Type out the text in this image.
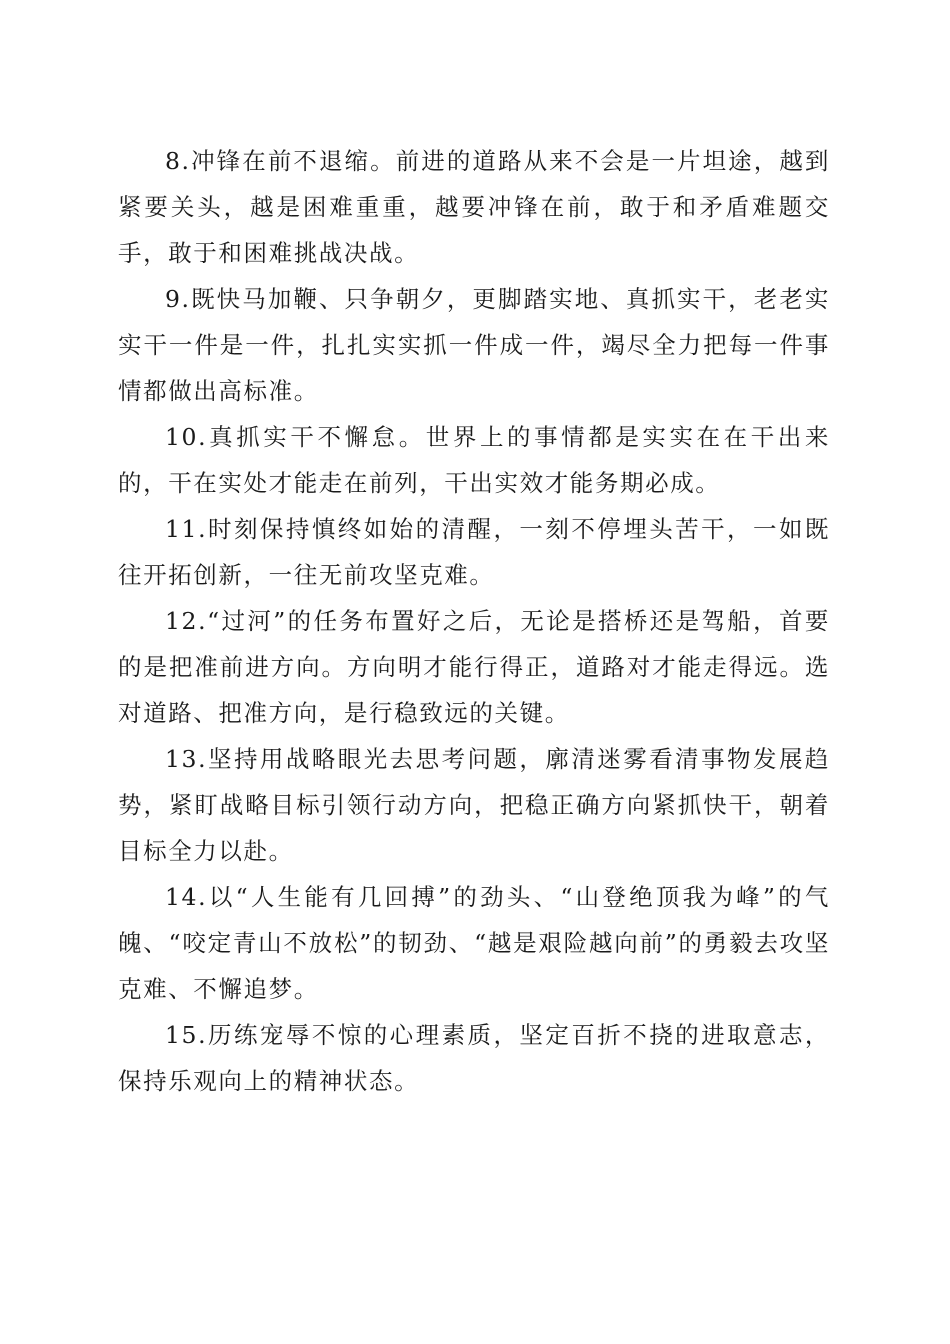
8.冲锋在前不退缩。前进的道路从来不会是一片坦途，越到紧要关头，越是困难重重，越要冲锋在前，敢于和矛盾难题交手，敢于和困难挑战决战。

9.既快马加鞭、只争朝夕，更脚踏实地、真抓实干，老老实实干一件是一件，扎扎实实抓一件成一件，竭尽全力把每一件事情都做出高标准。

10.真抓实干不懈怠。世界上的事情都是实实在在干出来的，干在实处才能走在前列，干出实效才能务期必成。

11.时刻保持慎终如始的清醒，一刻不停埋头苦干，一如既往开拓创新，一往无前攻坚克难。

12.“过河”的任务布置好之后，无论是搭桥还是驾船，首要的是把准前进方向。方向明才能行得正，道路对才能走得远。选对道路、把准方向，是行稳致远的关键。

13.坚持用战略眼光去思考问题，廓清迷雾看清事物发展趋势，紧盯战略目标引领行动方向，把稳正确方向紧抓快干，朝着目标全力以赴。

14.以“人生能有几回搏”的劲头、“山登绝顶我为峰”的气魄、“咬定青山不放松”的韧劲、“越是艰险越向前”的勇毅去攻坚克难、不懈追梦。

15.历练宠辱不惊的心理素质，坚定百折不挠的进取意志，保持乐观向上的精神状态。
